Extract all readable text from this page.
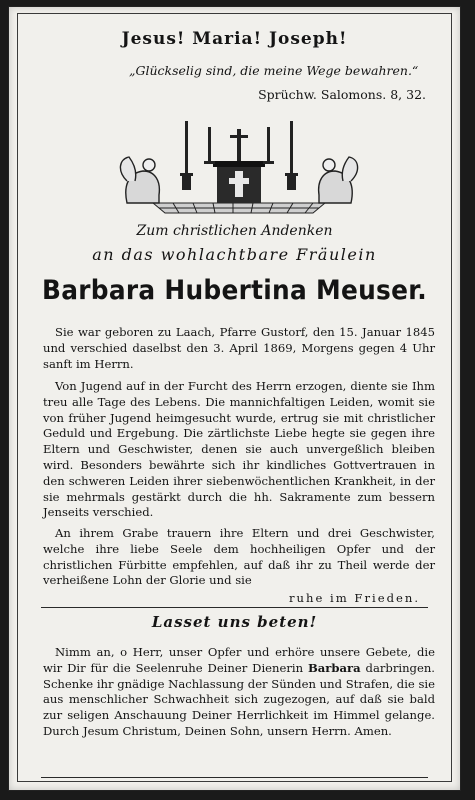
Jesus! Maria! Joseph!
„Glückselig sind, die meine Wege bewahren.“
Sprüchw. Salomons. 8, 32.
Zum christlichen Andenken
an das wohlachtbare Fräulein
Barbara Hubertina Meuser.
Sie war geboren zu Laach, Pfarre Gustorf, den 15. Januar 1845 und verschied daselbst den 3. April 1869, Morgens gegen 4 Uhr sanft im Herrn.
Von Jugend auf in der Furcht des Herrn erzogen, diente sie Ihm treu alle Tage des Lebens. Die mannichfaltigen Leiden, womit sie von früher Jugend heimgesucht wurde, ertrug sie mit christlicher Geduld und Ergebung. Die zärtlichste Liebe hegte sie gegen ihre Eltern und Geschwister, denen sie auch unvergeßlich bleiben wird. Besonders bewährte sich ihr kindliches Gottvertrauen in den schweren Leiden ihrer siebenwöchentlichen Krankheit, in der sie mehrmals gestärkt durch die hh. Sakramente zum bessern Jenseits verschied.
An ihrem Grabe trauern ihre Eltern und drei Geschwister, welche ihre liebe Seele dem hochheiligen Opfer und der christlichen Fürbitte empfehlen, auf daß ihr zu Theil werde der verheißene Lohn der Glorie und sie
ruhe im Frieden.
Lasset uns beten!
Nimm an, o Herr, unser Opfer und erhöre unsere Gebete, die wir Dir für die Seelenruhe Deiner Dienerin Barbara darbringen. Schenke ihr gnädige Nachlassung der Sünden und Strafen, die sie aus menschlicher Schwachheit sich zugezogen, auf daß sie bald zur seligen Anschauung Deiner Herrlichkeit im Himmel gelange. Durch Jesum Christum, Deinen Sohn, unsern Herrn. Amen.
